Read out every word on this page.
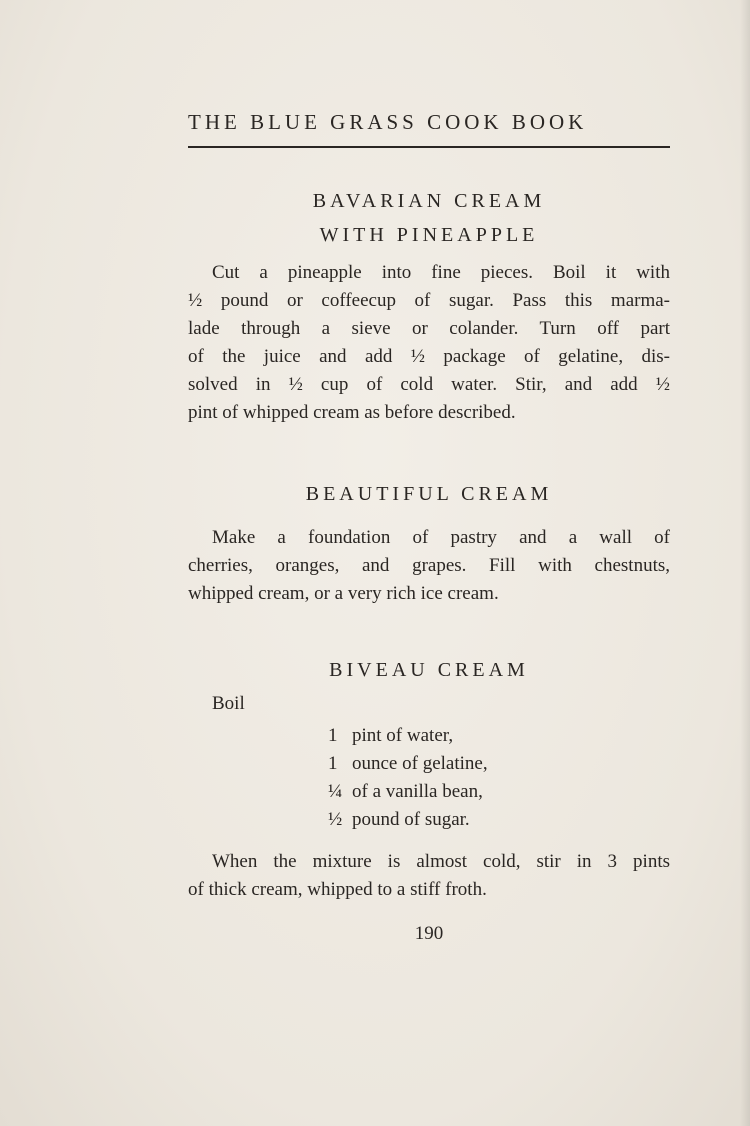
THE BLUE GRASS COOK BOOK
BAVARIAN CREAM
WITH PINEAPPLE
Cut a pineapple into fine pieces. Boil it with
½ pound or coffeecup of sugar. Pass this marma-
lade through a sieve or colander. Turn off part
of the juice and add ½ package of gelatine, dis-
solved in ½ cup of cold water. Stir, and add ½
pint of whipped cream as before described.
BEAUTIFUL CREAM
Make a foundation of pastry and a wall of
cherries, oranges, and grapes. Fill with chestnuts,
whipped cream, or a very rich ice cream.
BIVEAU CREAM
Boil
1 pint of water,
1 ounce of gelatine,
¼ of a vanilla bean,
½ pound of sugar.
When the mixture is almost cold, stir in 3 pints
of thick cream, whipped to a stiff froth.
190
